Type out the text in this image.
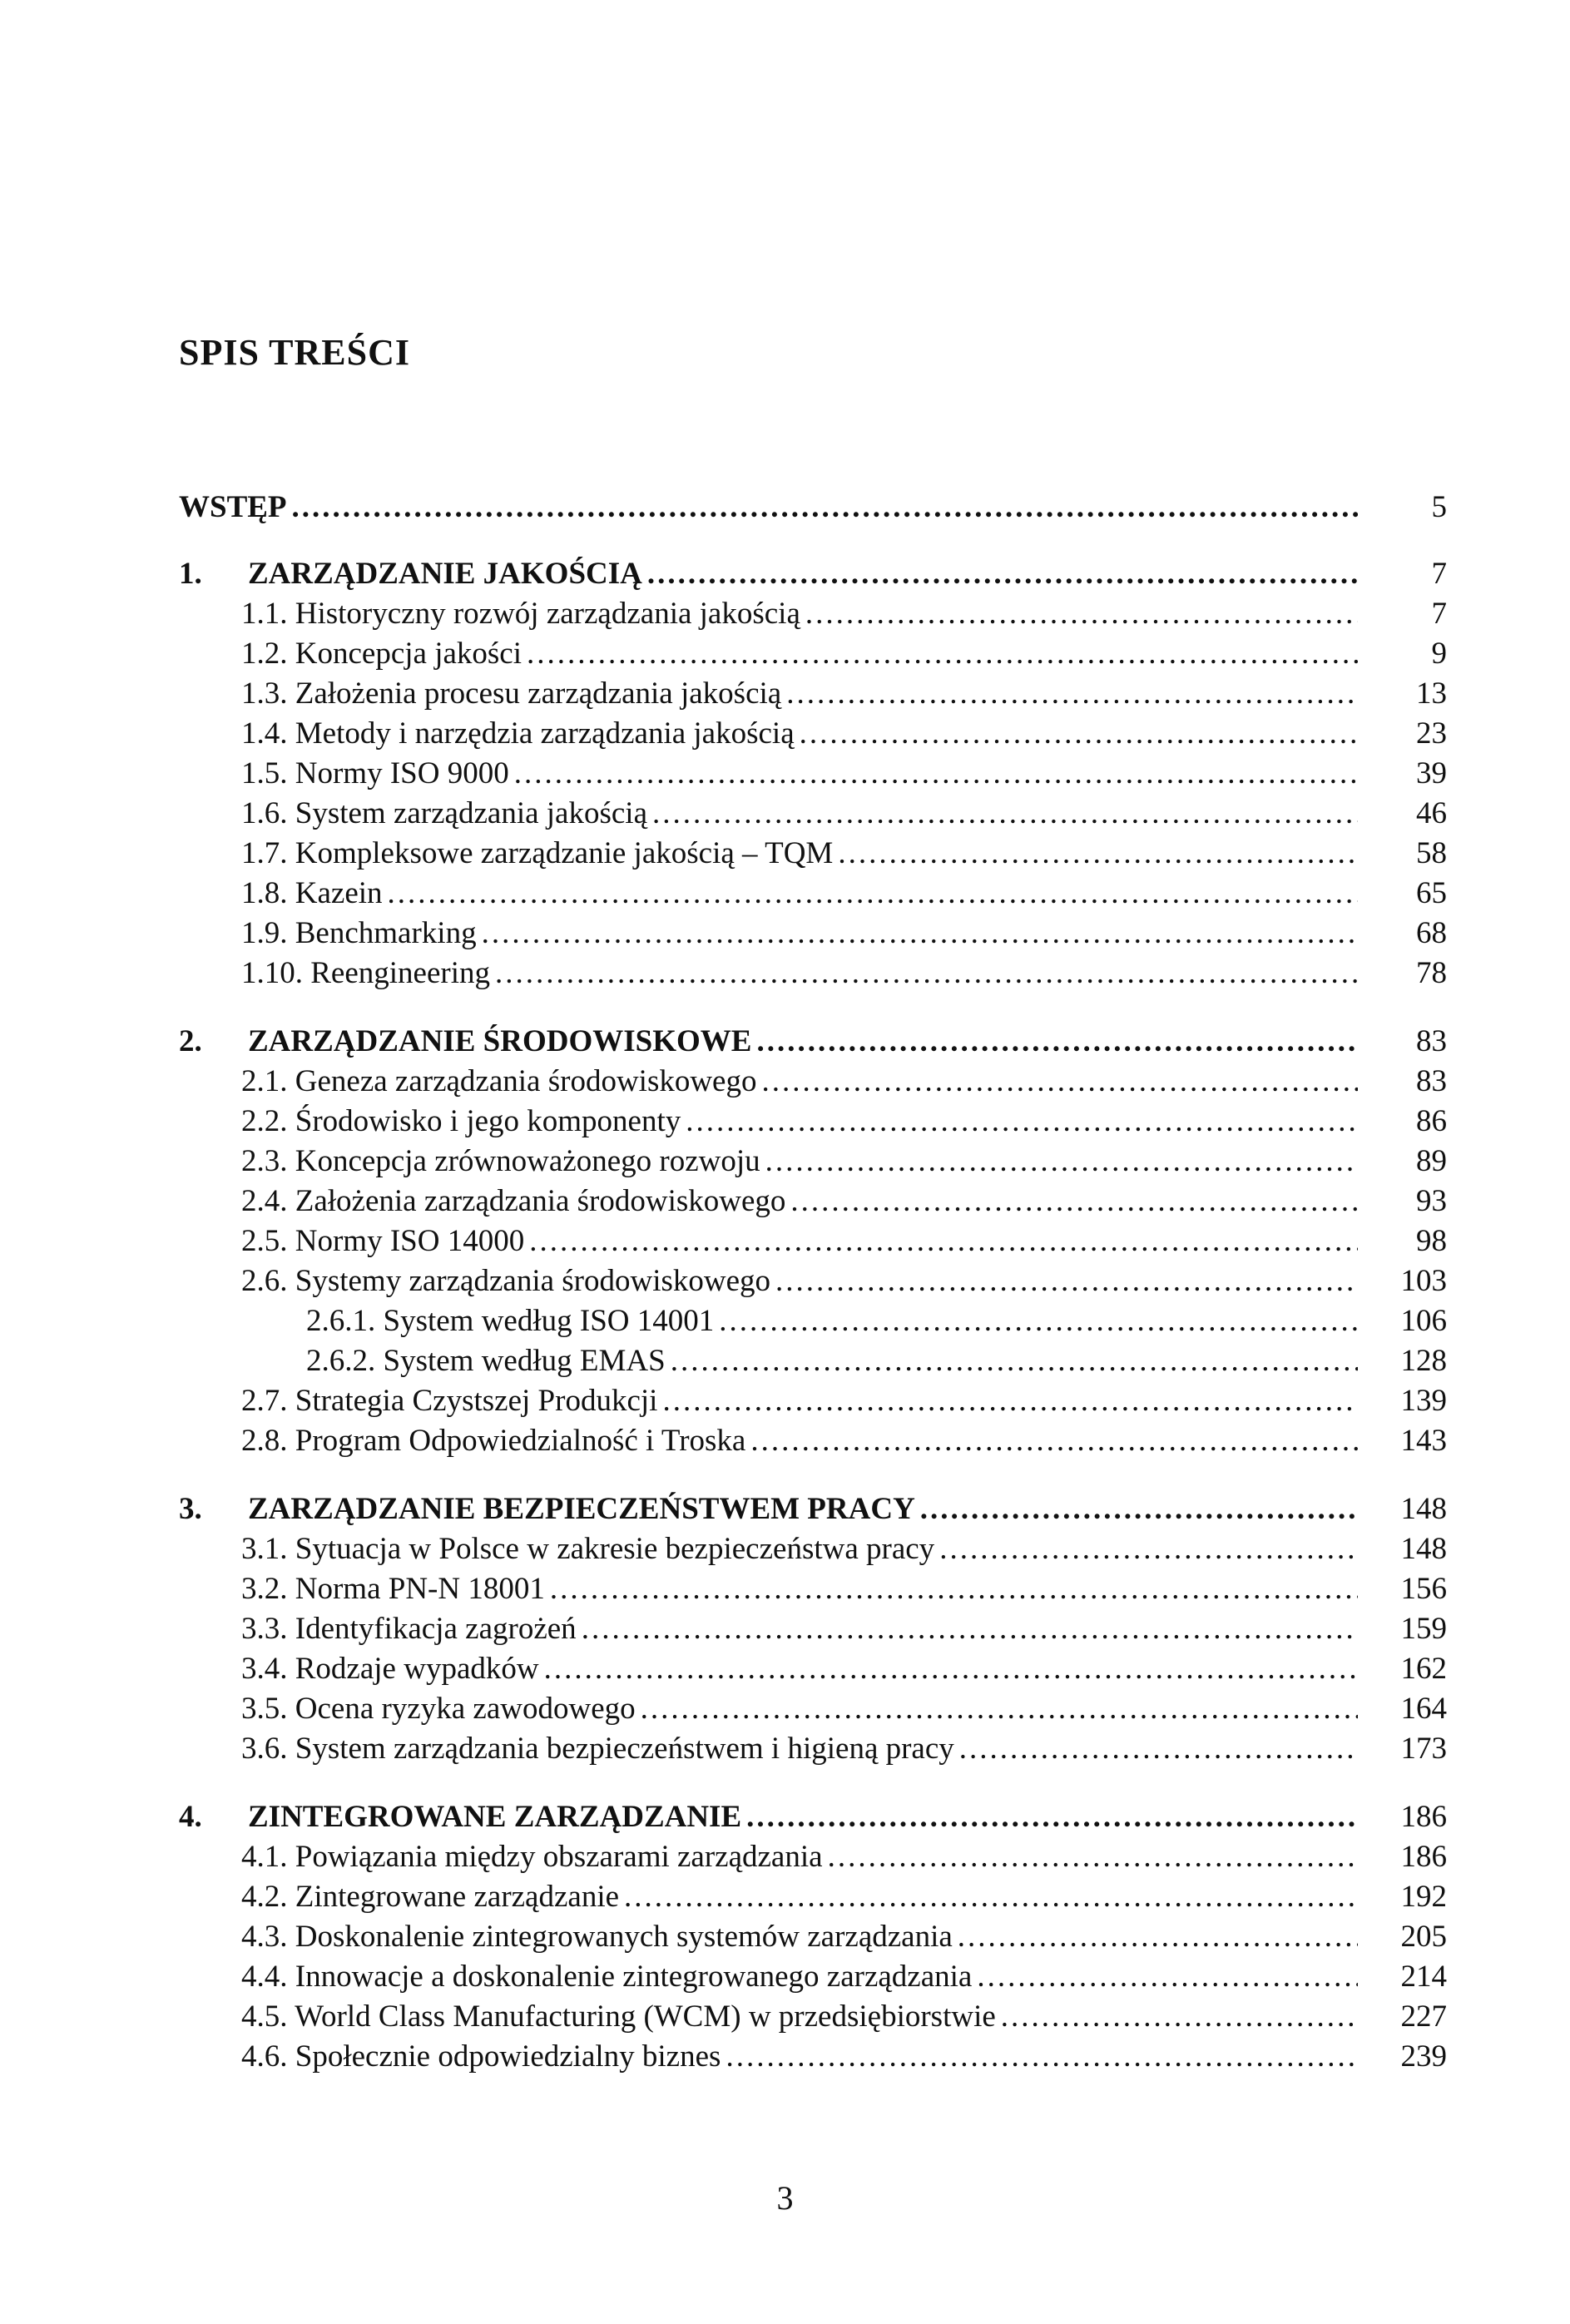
SPIS TREŚCI
WSTĘP .....	5
1. ZARZĄDZANIE JAKOŚCIĄ .....	7
1.1. Historyczny rozwój zarządzania jakością .....	7
1.2. Koncepcja jakości .....	9
1.3. Założenia procesu zarządzania jakością .....	13
1.4. Metody i narzędzia zarządzania jakością .....	23
1.5. Normy ISO 9000 .....	39
1.6. System zarządzania jakością .....	46
1.7. Kompleksowe zarządzanie jakością – TQM .....	58
1.8. Kazein .....	65
1.9. Benchmarking .....	68
1.10. Reengineering .....	78
2. ZARZĄDZANIE ŚRODOWISKOWE .....	83
2.1. Geneza zarządzania środowiskowego .....	83
2.2. Środowisko i jego komponenty .....	86
2.3. Koncepcja zrównoważonego rozwoju .....	89
2.4. Założenia zarządzania środowiskowego .....	93
2.5. Normy ISO 14000 .....	98
2.6. Systemy zarządzania środowiskowego .....	103
2.6.1. System według ISO 14001 .....	106
2.6.2. System według EMAS .....	128
2.7. Strategia Czystszej Produkcji .....	139
2.8. Program Odpowiedzialność i Troska .....	143
3. ZARZĄDZANIE BEZPIECZEŃSTWEM PRACY .....	148
3.1. Sytuacja w Polsce w zakresie bezpieczeństwa pracy .....	148
3.2. Norma PN-N 18001 .....	156
3.3. Identyfikacja zagrożeń .....	159
3.4. Rodzaje wypadków .....	162
3.5. Ocena ryzyka zawodowego .....	164
3.6. System zarządzania bezpieczeństwem i higieną pracy .....	173
4. ZINTEGROWANE ZARZĄDZANIE .....	186
4.1. Powiązania między obszarami zarządzania .....	186
4.2. Zintegrowane zarządzanie .....	192
4.3. Doskonalenie zintegrowanych systemów zarządzania .....	205
4.4. Innowacje a doskonalenie zintegrowanego zarządzania .....	214
4.5. World Class Manufacturing (WCM) w przedsiębiorstwie .....	227
4.6. Społecznie odpowiedzialny biznes .....	239
3
